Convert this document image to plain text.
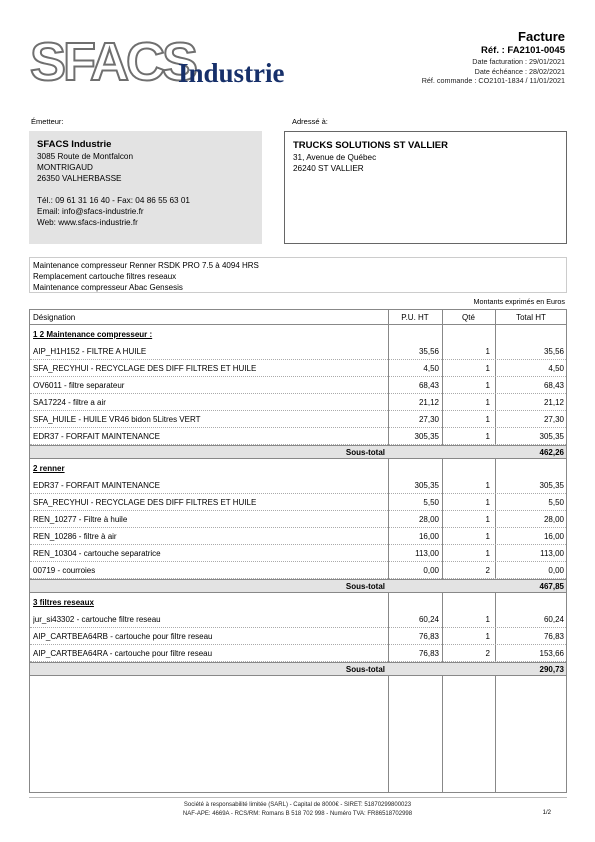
SFACS
Industrie
Facture
Réf. : FA2101-0045
Date facturation : 29/01/2021
Date échéance : 28/02/2021
Réf. commande : CO2101-1834 / 11/01/2021
Émetteur:	Adressé à:
SFACS Industrie
3085 Route de Montfalcon
MONTRIGAUD
26350 VALHERBASSE
Tél.: 09 61 31 16 40 - Fax: 04 86 55 63 01
Email: info@sfacs-industrie.fr
Web: www.sfacs-industrie.fr
TRUCKS SOLUTIONS ST VALLIER
31, Avenue de Québec
26240 ST VALLIER
Maintenance compresseur Renner RSDK PRO 7.5 à 4094 HRS
Remplacement cartouche filtres reseaux
Maintenance compresseur Abac Gensesis
Montants exprimés en Euros
Désignation	P.U. HT	Qté	Total HT
1 2 Maintenance compresseur :
AIP_H1H152 - FILTRE A HUILE	35,56	1	35,56
SFA_RECYHUI - RECYCLAGE DES DIFF FILTRES ET HUILE	4,50	1	4,50
OV6011 - filtre separateur	68,43	1	68,43
SA17224 - filtre a air	21,12	1	21,12
SFA_HUILE - HUILE VR46 bidon 5Litres VERT	27,30	1	27,30
EDR37 - FORFAIT MAINTENANCE	305,35	1	305,35
Sous-total	462,26
2 renner
EDR37 - FORFAIT MAINTENANCE	305,35	1	305,35
SFA_RECYHUI - RECYCLAGE DES DIFF FILTRES ET HUILE	5,50	1	5,50
REN_10277 - Filtre à huile	28,00	1	28,00
REN_10286 - filtre à air	16,00	1	16,00
REN_10304 - cartouche separatrice	113,00	1	113,00
00719 - courroies	0,00	2	0,00
Sous-total	467,85
3 filtres reseaux
jur_si43302 - cartouche filtre reseau	60,24	1	60,24
AIP_CARTBEA64RB - cartouche pour filtre reseau	76,83	1	76,83
AIP_CARTBEA64RA - cartouche pour filtre reseau	76,83	2	153,66
Sous-total	290,73
Société à responsabilité limitée (SARL) - Capital de 8000€ - SIRET: 51870299800023
NAF-APE: 4669A - RCS/RM: Romans B 518 702 998 - Numéro TVA: FR86518702998	1/2
